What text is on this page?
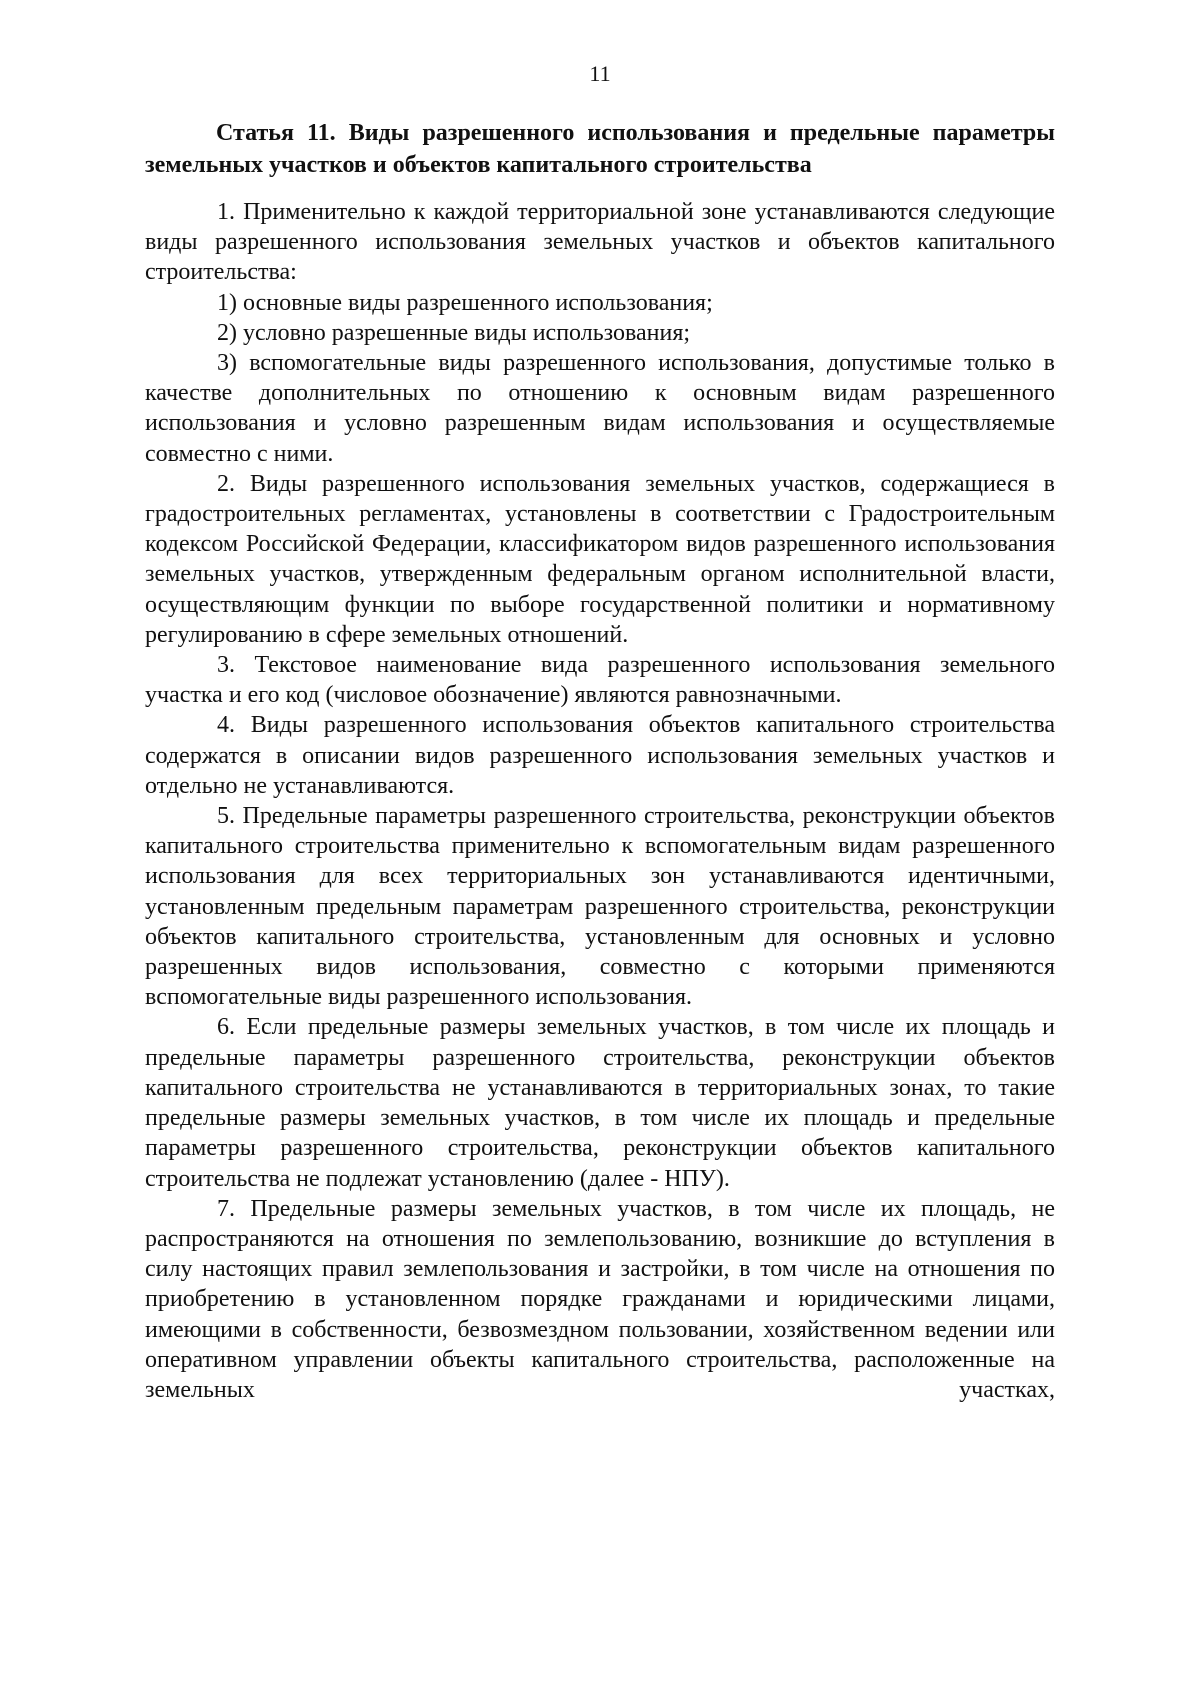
11

Статья 11. Виды разрешенного использования и предельные параметры земельных участков и объектов капитального строительства

1. Применительно к каждой территориальной зоне устанавливаются следующие виды разрешенного использования земельных участков и объектов капитального строительства:

1) основные виды разрешенного использования;

2) условно разрешенные виды использования;

3) вспомогательные виды разрешенного использования, допустимые только в качестве дополнительных по отношению к основным видам разрешенного использования и условно разрешенным видам использования и осуществляемые совместно с ними.

2. Виды разрешенного использования земельных участков, содержащиеся в градостроительных регламентах, установлены в соответствии с Градостроительным кодексом Российской Федерации, классификатором видов разрешенного использования земельных участков, утвержденным федеральным органом исполнительной власти, осуществляющим функции по выборе государственной политики и нормативному регулированию в сфере земельных отношений.

3. Текстовое наименование вида разрешенного использования земельного участка и его код (числовое обозначение) являются равнозначными.

4. Виды разрешенного использования объектов капитального строительства содержатся в описании видов разрешенного использования земельных участков и отдельно не устанавливаются.

5. Предельные параметры разрешенного строительства, реконструкции объектов капитального строительства применительно к вспомогательным видам разрешенного использования для всех территориальных зон устанавливаются идентичными, установленным предельным параметрам разрешенного строительства, реконструкции объектов капитального строительства, установленным для основных и условно разрешенных видов использования, совместно с которыми применяются вспомогательные виды разрешенного использования.

6. Если предельные размеры земельных участков, в том числе их площадь и предельные параметры разрешенного строительства, реконструкции объектов капитального строительства не устанавливаются в территориальных зонах, то такие предельные размеры земельных участков, в том числе их площадь и предельные параметры разрешенного строительства, реконструкции объектов капитального строительства не подлежат установлению (далее - НПУ).

7. Предельные размеры земельных участков, в том числе их площадь, не распространяются на отношения по землепользованию, возникшие до вступления в силу настоящих правил землепользования и застройки, в том числе на отношения по приобретению в установленном порядке гражданами и юридическими лицами, имеющими в собственности, безвозмездном пользовании, хозяйственном ведении или оперативном управлении объекты капитального строительства, расположенные на земельных участках,
